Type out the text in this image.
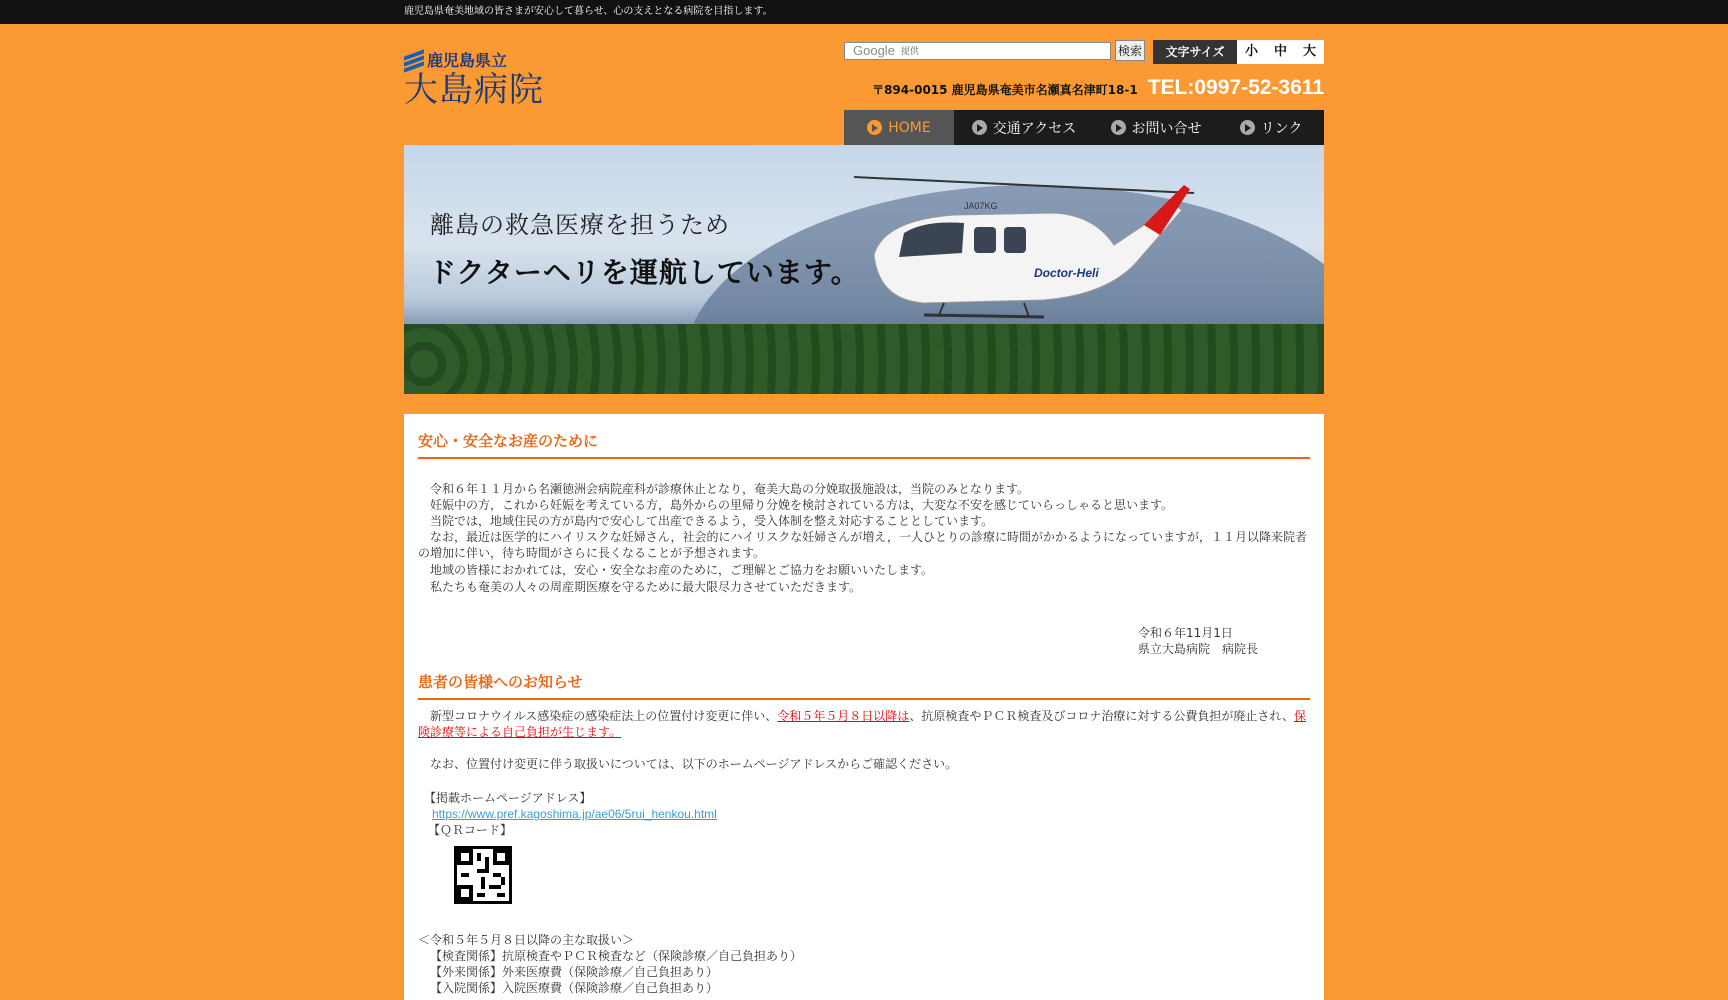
鹿児島県奄美地域の皆さまが安心して暮らせ、心の支えとなる病院を目指します。
鹿児島県立
大島病院
Google 提供	検索	文字サイズ	小	中	大
〒894-0015 鹿児島県奄美市名瀬真名津町18-1 TEL:0997-52-3611
HOME	交通アクセス	お問い合せ	リンク
JA07KG
Doctor-Heli
離島の救急医療を担うため
ドクターヘリを運航しています。
安心・安全なお産のために

　令和６年１１月から名瀬徳洲会病院産科が診療休止となり，奄美大島の分娩取扱施設は，当院のみとなります。

　妊娠中の方，これから妊娠を考えている方，島外からの里帰り分娩を検討されている方は，大変な不安を感じていらっしゃると思います。

　当院では，地域住民の方が島内で安心して出産できるよう，受入体制を整え対応することとしています。

　なお，最近は医学的にハイリスクな妊婦さん，社会的にハイリスクな妊婦さんが増え，一人ひとりの診療に時間がかかるようになっていますが，１１月以降来院者の増加に伴い，待ち時間がさらに長くなることが予想されます。

　地域の皆様におかれては，安心・安全なお産のために，ご理解とご協力をお願いいたします。

　私たちも奄美の人々の周産期医療を守るために最大限尽力させていただきます。

令和６年11月1日

県立大島病院　病院長

患者の皆様へのお知らせ

　新型コロナウイルス感染症の感染症法上の位置付け変更に伴い、令和５年５月８日以降は、抗原検査やＰＣＲ検査及びコロナ治療に対する公費負担が廃止され、保険診療等による自己負担が生じます。

　なお、位置付け変更に伴う取扱いについては、以下のホームページアドレスからご確認ください。

【掲載ホームページアドレス】

https://www.pref.kagoshima.jp/ae06/5rui_henkou.html

【ＱＲコード】

＜令和５年５月８日以降の主な取扱い＞

【検査関係】抗原検査やＰＣＲ検査など（保険診療／自己負担あり）

【外来関係】外来医療費（保険診療／自己負担あり）

【入院関係】入院医療費（保険診療／自己負担あり）
